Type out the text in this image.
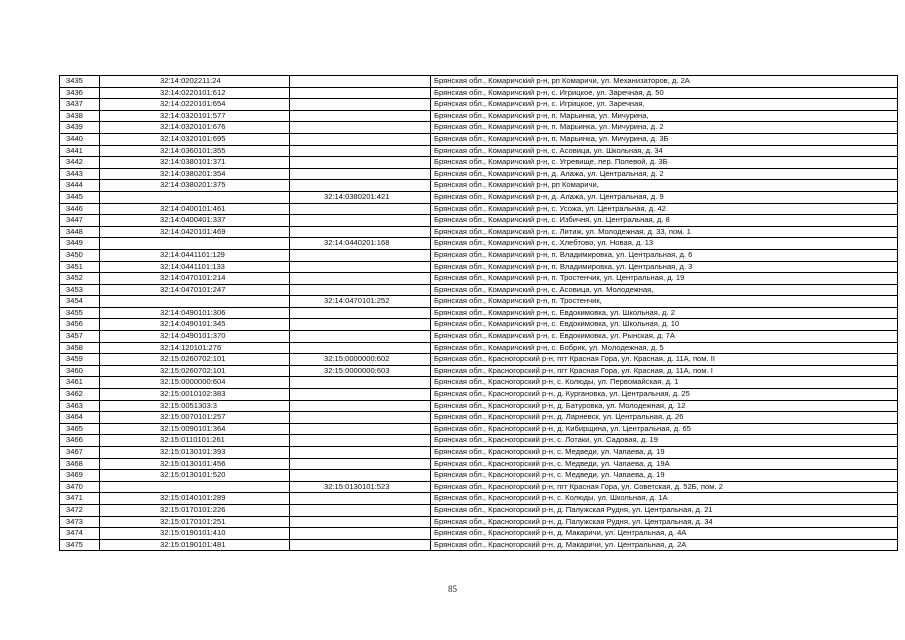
3435	32:14:0202211:24		Брянская обл., Комаричский р-н, рп Комаричи, ул. Механизаторов, д. 2А
3436	32:14:0220101:612		Брянская обл., Комаричский р-н, с. Игрицкое, ул. Заречная, д. 50
3437	32:14:0220101:654		Брянская обл., Комаричский р-н, с. Игрицкое, ул. Заречная,
3438	32:14:0320101:577		Брянская обл., Комаричский р-н, п. Марьинка, ул. Мичурина,
3439	32:14:0320101:676		Брянская обл., Комаричский р-н, п. Марьинка, ул. Мичурина, д. 2
3440	32:14:0320101:695		Брянская обл., Комаричский р-н, п. Марьинка, ул. Мичурина, д. 3Б
3441	32:14:0360101:355		Брянская обл., Комаричский р-н, с. Асовица, ул. Школьная, д. 34
3442	32:14:0380101:371		Брянская обл., Комаричский р-н, с. Угревище, пер. Полевой, д. 3Б
3443	32:14:0380201:354		Брянская обл., Комаричский р-н, д. Алажа, ул. Центральная, д. 2
3444	32:14:0380201:375		Брянская обл., Комаричский р-н, рп Комаричи,
3445		32:14:0380201:421	Брянская обл., Комаричский р-н, д. Алажа, ул. Центральная, д. 9
3446	32:14:0400101:461		Брянская обл., Комаричский р-н, с. Усожа, ул. Центральная, д. 42
3447	32:14:0400401:337		Брянская обл., Комаричский р-н, с. Избичня, ул. Центральная, д. 8
3448	32:14:0420101:469		Брянская обл., Комаричский р-н, с. Литиж, ул. Молодежная, д. 33, пом. 1
3449		32:14:0440201:168	Брянская обл., Комаричский р-н, с. Хлебтово, ул. Новая, д. 13
3450	32:14:0441101:129		Брянская обл., Комаричский р-н, п. Владимировка, ул. Центральная, д. 6
3451	32:14:0441101:133		Брянская обл., Комаричский р-н, п. Владимировка, ул. Центральная, д. 3
3452	32:14:0470101:214		Брянская обл., Комаричский р-н, п. Тростенчик, ул. Центральная, д. 19
3453	32:14:0470101:247		Брянская обл., Комаричский р-н, с. Асовица, ул. Молодежная,
3454		32:14:0470101:252	Брянская обл., Комаричский р-н, п. Тростенчик,
3455	32:14:0490101:306		Брянская обл., Комаричский р-н, с. Евдокимовка, ул. Школьная, д. 2
3456	32:14:0490101:345		Брянская обл., Комаричский р-н, с. Евдокимовка, ул. Школьная, д. 10
3457	32:14:0490101:370		Брянская обл., Комаричский р-н, с. Евдокимовка, ул. Рынская, д. 7А
3458	32:14:120101:276		Брянская обл., Комаричский р-н, с. Бобрик, ул. Молодежная, д. 5
3459	32:15:0260702:101	32:15:0000000:602	Брянская обл., Красногорский р-н, пгт Красная Гора, ул. Красная, д. 11А, пом. II
3460	32:15:0260702:101	32:15:0000000:603	Брянская обл., Красногорский р-н, пгт Красная Гора, ул. Красная, д. 11А, пом. I
3461	32:15:0000000:604		Брянская обл., Красногорский р-н, с. Колюды, ул. Первомайская, д. 1
3462	32:15:0010102:383		Брянская обл., Красногорский р-н, д. Кургановка, ул. Центральная, д. 25
3463	32:15:0051303:3		Брянская обл., Красногорский р-н, д. Батуровка, ул. Молодежная, д. 12
3464	32:15:0070101:257		Брянская обл., Красногорский р-н, д. Ларневск, ул. Центральная, д. 26
3465	32:15:0090101:364		Брянская обл., Красногорский р-н, д. Кибирщина, ул. Центральная, д. 65
3466	32:15:0110101:261		Брянская обл., Красногорский р-н, с. Лотаки, ул. Садовая, д. 19
3467	32:15:0130101:393		Брянская обл., Красногорский р-н, с. Медведи, ул. Чапаева, д. 19
3468	32:15:0130101:456		Брянская обл., Красногорский р-н, с. Медведи, ул. Чапаева, д. 19А
3469	32:15:0130101:520		Брянская обл., Красногорский р-н, с. Медведи, ул. Чапаева, д. 19
3470		32:15:0130101:523	Брянская обл., Красногорский р-н, пгт Красная Гора, ул. Советская, д. 52Б, пом. 2
3471	32:15:0140101:289		Брянская обл., Красногорский р-н, с. Колюды, ул. Школьная, д. 1А
3472	32:15:0170101:226		Брянская обл., Красногорский р-н, д. Палужская Рудня, ул. Центральная, д. 21
3473	32:15:0170101:251		Брянская обл., Красногорский р-н, д. Палужская Рудня, ул. Центральная, д. 34
3474	32:15:0190101:410		Брянская обл., Красногорский р-н, д. Макаричи, ул. Центральная, д. 4А
3475	32:15:0190101:481		Брянская обл., Красногорский р-н, д. Макаричи, ул. Центральная, д. 2А
85
